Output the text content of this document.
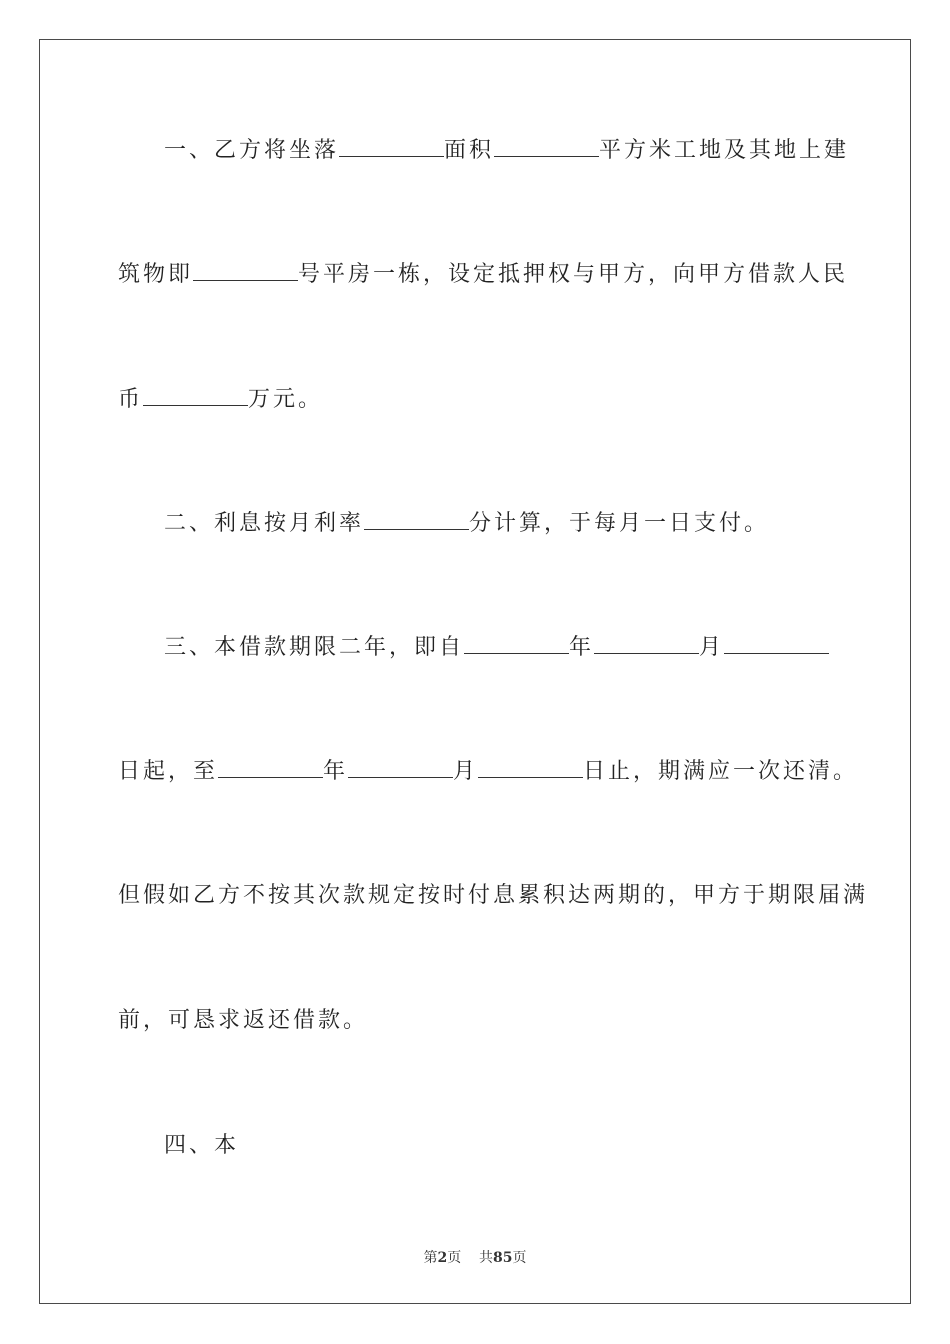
一、乙方将坐落	面积	平方米工地及其地上建
筑物即	号平房一栋，设定抵押权与甲方，向甲方借款人民
币	万元。
二、利息按月利率	分计算，于每月一日支付。
三、本借款期限二年，即自	年	月
日起，至	年	月	日止，期满应一次还清。
但假如乙方不按其次款规定按时付息累积达两期的，甲方于期限届满
前，可恳求返还借款。
四、本
第2页 共85页
